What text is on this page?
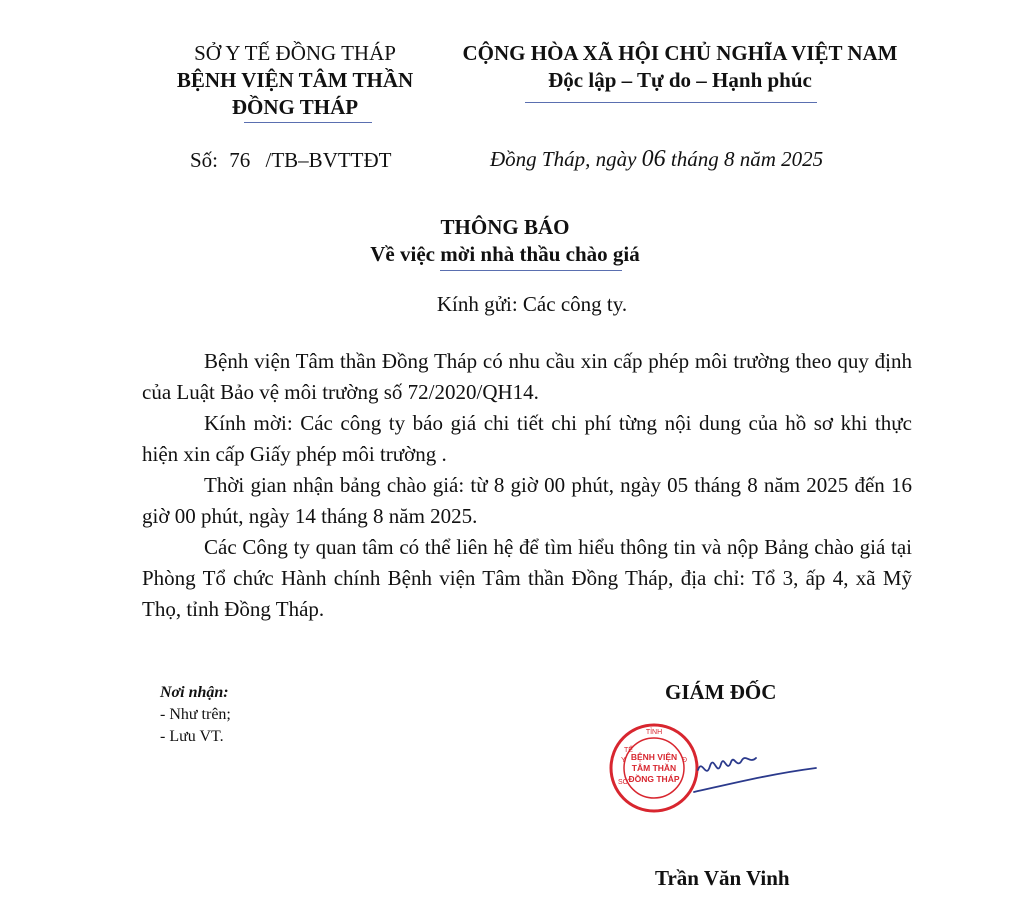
SỞ Y TẾ ĐỒNG THÁP
BỆNH VIỆN TÂM THẦN
ĐỒNG THÁP
CỘNG HÒA XÃ HỘI CHỦ NGHĨA VIỆT NAM
Độc lập – Tự do – Hạnh phúc
Số: 76 /TB–BVTTĐT	Đồng Tháp, ngày 06 tháng 8 năm 2025
THÔNG BÁO
Về việc mời nhà thầu chào giá
Kính gửi: Các công ty.

Bệnh viện Tâm thần Đồng Tháp có nhu cầu xin cấp phép môi trường theo quy định của Luật Bảo vệ môi trường số 72/2020/QH14.

Kính mời: Các công ty báo giá chi tiết chi phí từng nội dung của hồ sơ khi thực hiện xin cấp Giấy phép môi trường .

Thời gian nhận bảng chào giá: từ 8 giờ 00 phút, ngày 05 tháng 8 năm 2025 đến 16 giờ 00 phút, ngày 14 tháng 8 năm 2025.

Các Công ty quan tâm có thể liên hệ để tìm hiểu thông tin và nộp Bảng chào giá tại Phòng Tổ chức Hành chính Bệnh viện Tâm thần Đồng Tháp, địa chỉ: Tổ 3, ấp 4, xã Mỹ Thọ, tỉnh Đồng Tháp.

Nơi nhận:
- Như trên;
- Lưu VT.
GIÁM ĐỐC
BỆNH VIỆN
TÂM THẦN
ĐỒNG THÁP
TỈNH
Y
TẾ
SỞ
Đ
Trần Văn Vinh
